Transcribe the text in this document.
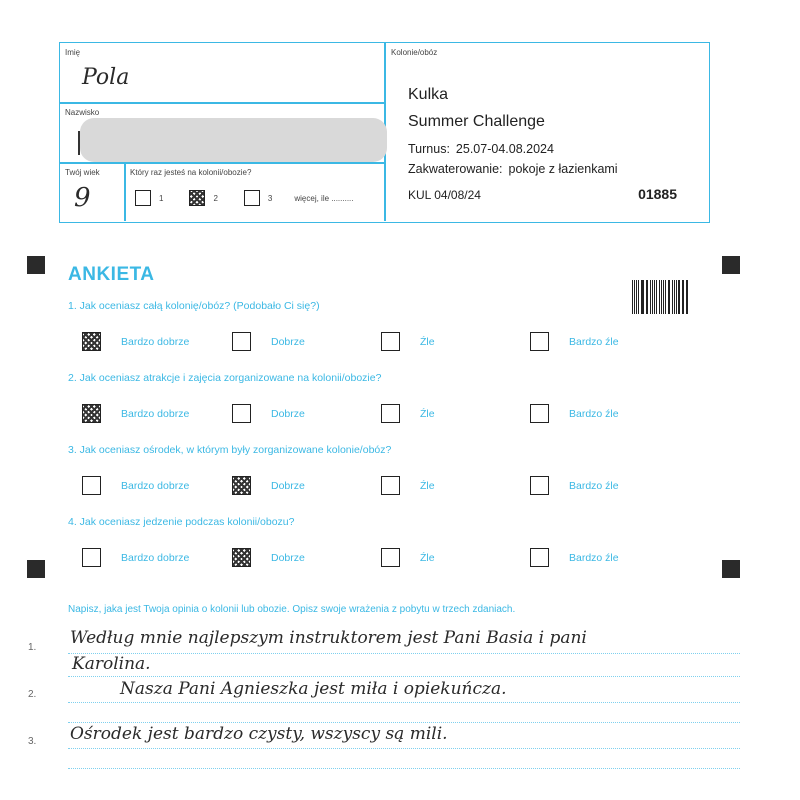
Imię
Pola
Nazwisko
Twój wiek
9
Który raz jesteś na kolonii/obozie?
1	2	3	więcej, ile ..........
Kolonie/obóz
Kulka
Summer Challenge
Turnus: 25.07-04.08.2024
Zakwaterowanie: pokoje z łazienkami
KUL 04/08/24	01885
ANKIETA
1. Jak oceniasz całą kolonię/obóz? (Podobało Ci się?)
Bardzo dobrze	Dobrze	Źle	Bardzo źle
2. Jak oceniasz atrakcje i zajęcia zorganizowane na kolonii/obozie?
Bardzo dobrze	Dobrze	Źle	Bardzo źle
3. Jak oceniasz ośrodek, w którym były zorganizowane kolonie/obóz?
Bardzo dobrze	Dobrze	Źle	Bardzo źle
4. Jak oceniasz jedzenie podczas kolonii/obozu?
Bardzo dobrze	Dobrze	Źle	Bardzo źle
Napisz, jaka jest Twoja opinia o kolonii lub obozie. Opisz swoje wrażenia z pobytu w trzech zdaniach.
1.
2.
3.
Według mnie najlepszym instruktorem jest Pani Basia i pani
Karolina.
Nasza Pani Agnieszka jest miła i opiekuńcza.
Ośrodek jest bardzo czysty, wszyscy są mili.
